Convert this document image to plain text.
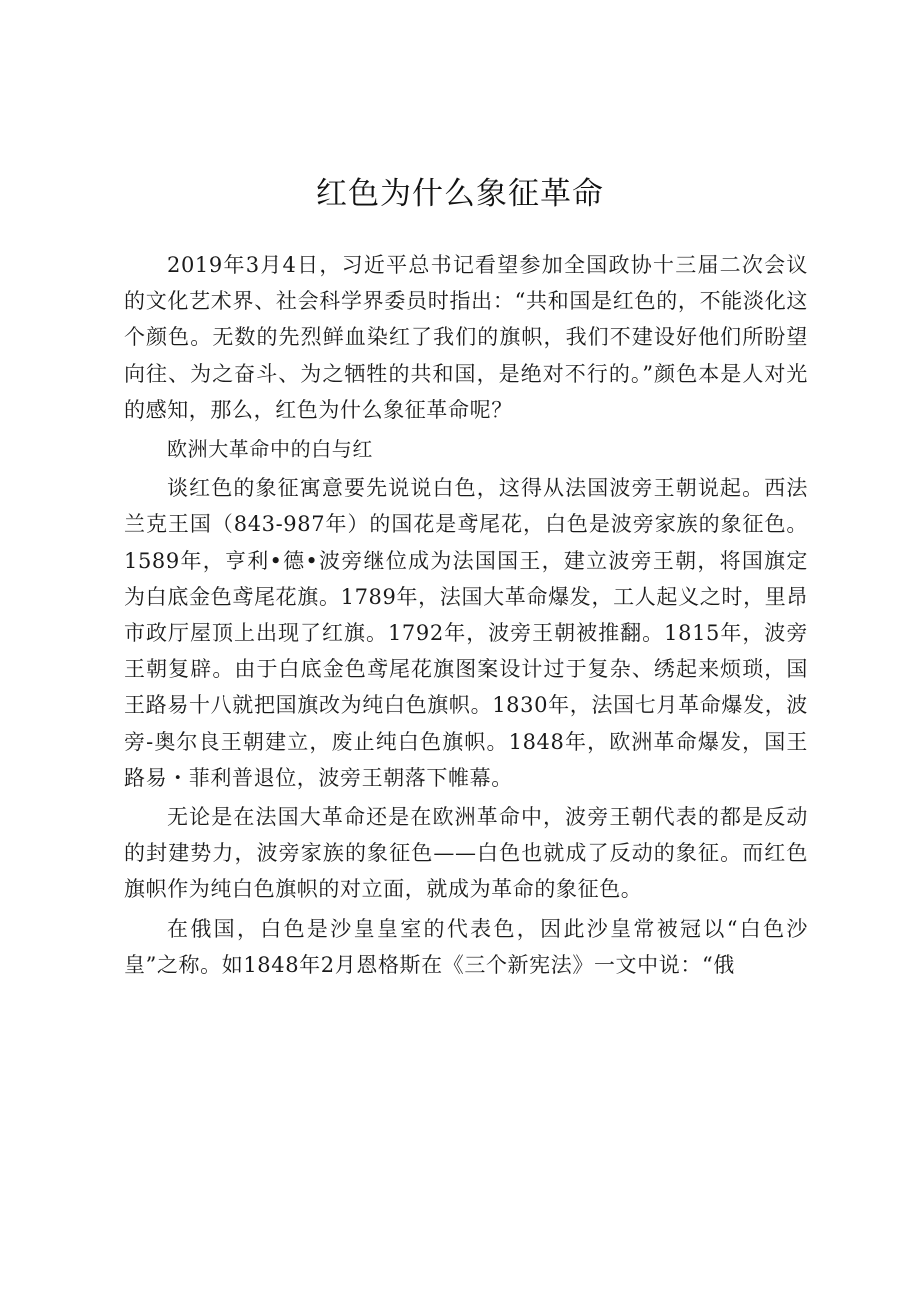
红色为什么象征革命

2019年3月4日，习近平总书记看望参加全国政协十三届二次会议的文化艺术界、社会科学界委员时指出：“共和国是红色的，不能淡化这个颜色。无数的先烈鲜血染红了我们的旗帜，我们不建设好他们所盼望向往、为之奋斗、为之牺牲的共和国，是绝对不行的。”颜色本是人对光的感知，那么，红色为什么象征革命呢？

欧洲大革命中的白与红

谈红色的象征寓意要先说说白色，这得从法国波旁王朝说起。西法兰克王国（843-987年）的国花是鸢尾花，白色是波旁家族的象征色。1589年，亨利•德•波旁继位成为法国国王，建立波旁王朝，将国旗定为白底金色鸢尾花旗。1789年，法国大革命爆发，工人起义之时，里昂市政厅屋顶上出现了红旗。1792年，波旁王朝被推翻。1815年，波旁王朝复辟。由于白底金色鸢尾花旗图案设计过于复杂、绣起来烦琐，国王路易十八就把国旗改为纯白色旗帜。1830年，法国七月革命爆发，波旁-奥尔良王朝建立，废止纯白色旗帜。1848年，欧洲革命爆发，国王路易・菲利普退位，波旁王朝落下帷幕。

无论是在法国大革命还是在欧洲革命中，波旁王朝代表的都是反动的封建势力，波旁家族的象征色——白色也就成了反动的象征。而红色旗帜作为纯白色旗帜的对立面，就成为革命的象征色。

在俄国，白色是沙皇皇室的代表色，因此沙皇常被冠以“白色沙皇”之称。如1848年2月恩格斯在《三个新宪法》一文中说：“俄
